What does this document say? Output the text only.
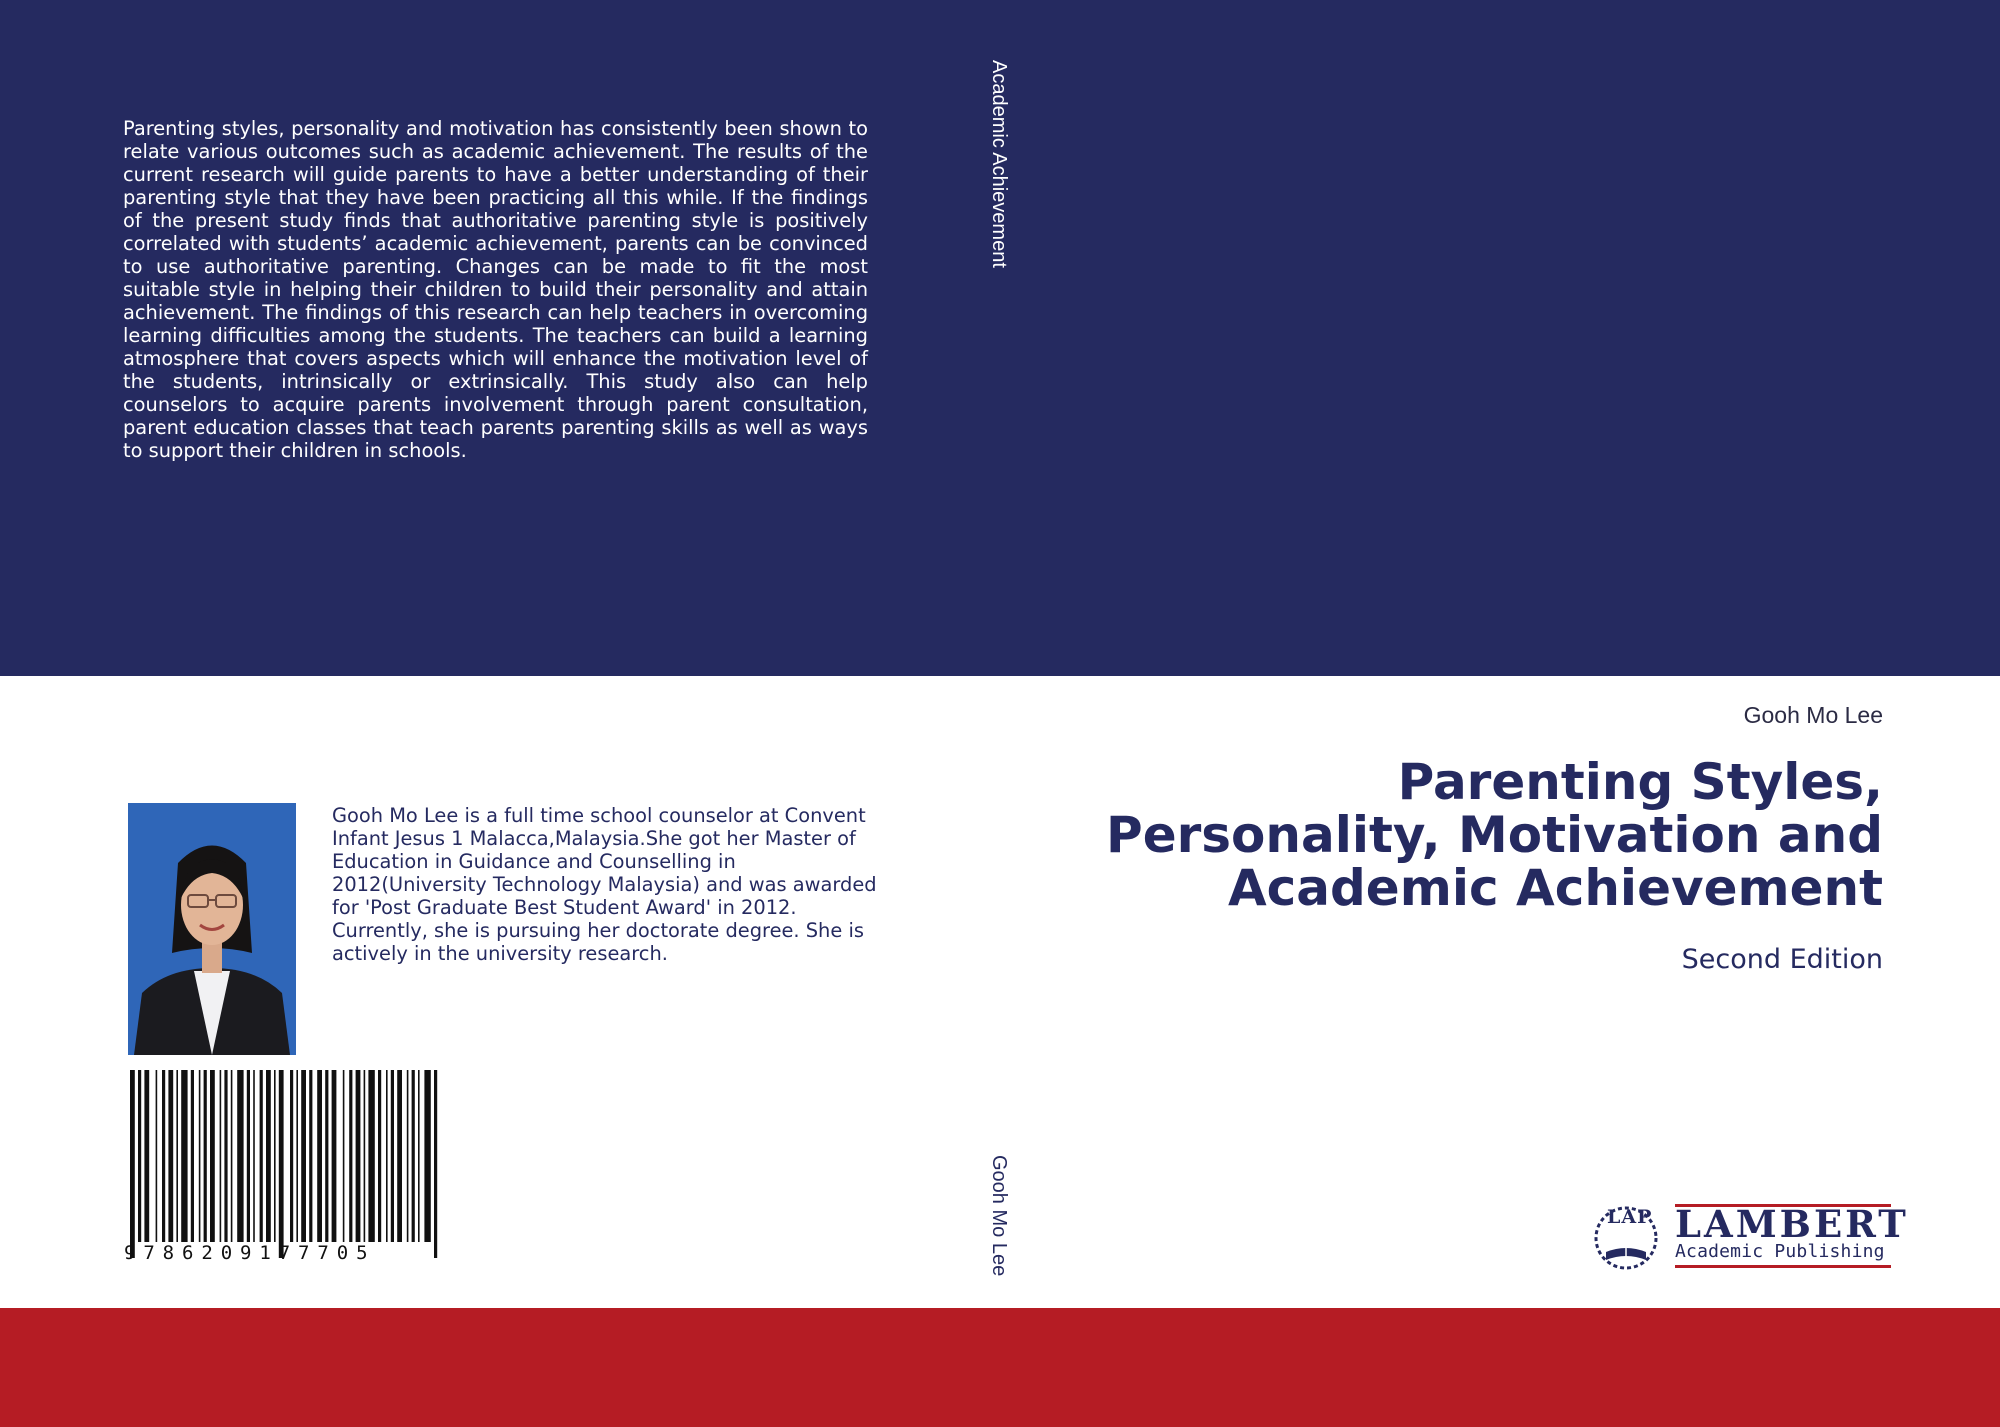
Parenting styles, personality and motivation has consistently been shown to relate various outcomes such as academic achievement. The results of the current research will guide parents to have a better understanding of their parenting style that they have been practicing all this while. If the findings of the present study finds that authoritative parenting style is positively correlated with students’ academic achievement, parents can be convinced to use authoritative parenting. Changes can be made to fit the most suitable style in helping their children to build their personality and attain achievement. The findings of this research can help teachers in overcoming learning difficulties among the students. The teachers can build a learning atmosphere that covers aspects which will enhance the motivation level of the students, intrinsically or extrinsically. This study also can help counselors to acquire parents involvement through parent consultation, parent education classes that teach parents parenting skills as well as ways to support their children in schools.

Academic Achievement
Gooh Mo Lee
Gooh Mo Lee
Parenting Styles,
Personality, Motivation and
Academic Achievement
Second Edition

Gooh Mo Lee is a full time school counselor at Convent Infant Jesus 1 Malacca,Malaysia.She got her Master of Education in Guidance and Counselling in 2012(University Technology Malaysia) and was awarded for 'Post Graduate Best Student Award' in 2012. Currently, she is pursuing her doctorate degree. She is actively in the university research.

9786209177705
LAP LAMBERT
Academic Publishing
